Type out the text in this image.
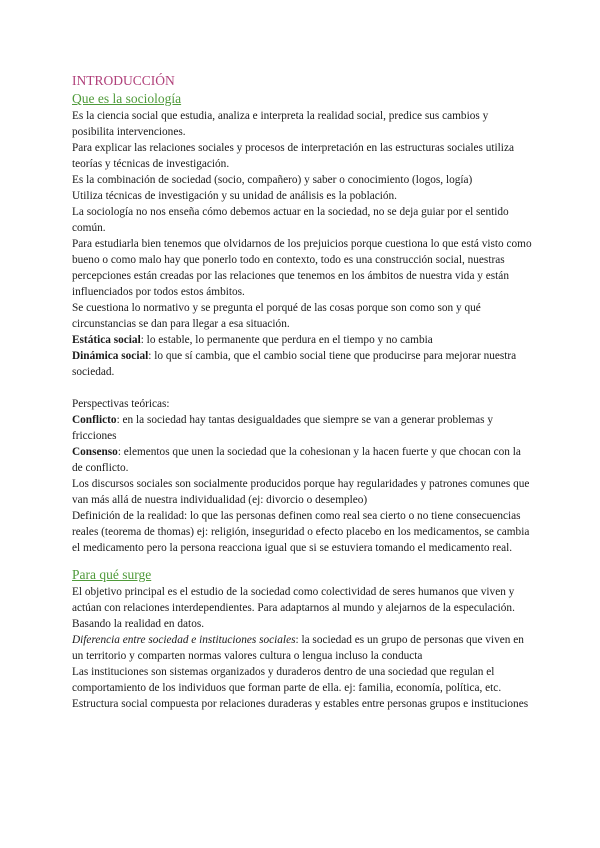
INTRODUCCIÓN
Que es la sociología

Es la ciencia social que estudia, analiza e interpreta la realidad social, predice sus cambios y posibilita intervenciones.

Para explicar las relaciones sociales y procesos de interpretación en las estructuras sociales utiliza teorías y técnicas de investigación.

Es la combinación de sociedad (socio, compañero) y saber o conocimiento (logos, logía)

Utiliza técnicas de investigación y su unidad de análisis es la población.

La sociología no nos enseña cómo debemos actuar en la sociedad, no se deja guiar por el sentido común.

Para estudiarla bien tenemos que olvidarnos de los prejuicios porque cuestiona lo que está visto como bueno o como malo hay que ponerlo todo en contexto, todo es una construcción social, nuestras percepciones están creadas por las relaciones que tenemos en los ámbitos de nuestra vida y están influenciados por todos estos ámbitos.

Se cuestiona lo normativo y se pregunta el porqué de las cosas porque son como son y qué circunstancias se dan para llegar a esa situación.

Estática social: lo estable, lo permanente que perdura en el tiempo y no cambia

Dinámica social: lo que sí cambia, que el cambio social tiene que producirse para mejorar nuestra sociedad.

Perspectivas teóricas:

Conflicto: en la sociedad hay tantas desigualdades que siempre se van a generar problemas y fricciones

Consenso: elementos que unen la sociedad que la cohesionan y la hacen fuerte y que chocan con la de conflicto.

Los discursos sociales son socialmente producidos porque hay regularidades y patrones comunes que van más allá de nuestra individualidad (ej: divorcio o desempleo)

Definición de la realidad: lo que las personas definen como real sea cierto o no tiene consecuencias reales (teorema de thomas) ej: religión, inseguridad o efecto placebo en los medicamentos, se cambia el medicamento pero la persona reacciona igual que si se estuviera tomando el medicamento real.

Para qué surge

El objetivo principal es el estudio de la sociedad como colectividad de seres humanos que viven y actúan con relaciones interdependientes. Para adaptarnos al mundo y alejarnos de la especulación. Basando la realidad en datos.

Diferencia entre sociedad e instituciones sociales: la sociedad es un grupo de personas que viven en un territorio y comparten normas valores cultura o lengua incluso la conducta

Las instituciones son sistemas organizados y duraderos dentro de una sociedad que regulan el comportamiento de los individuos que forman parte de ella. ej: familia, economía, política, etc.

Estructura social compuesta por relaciones duraderas y estables entre personas grupos e instituciones
